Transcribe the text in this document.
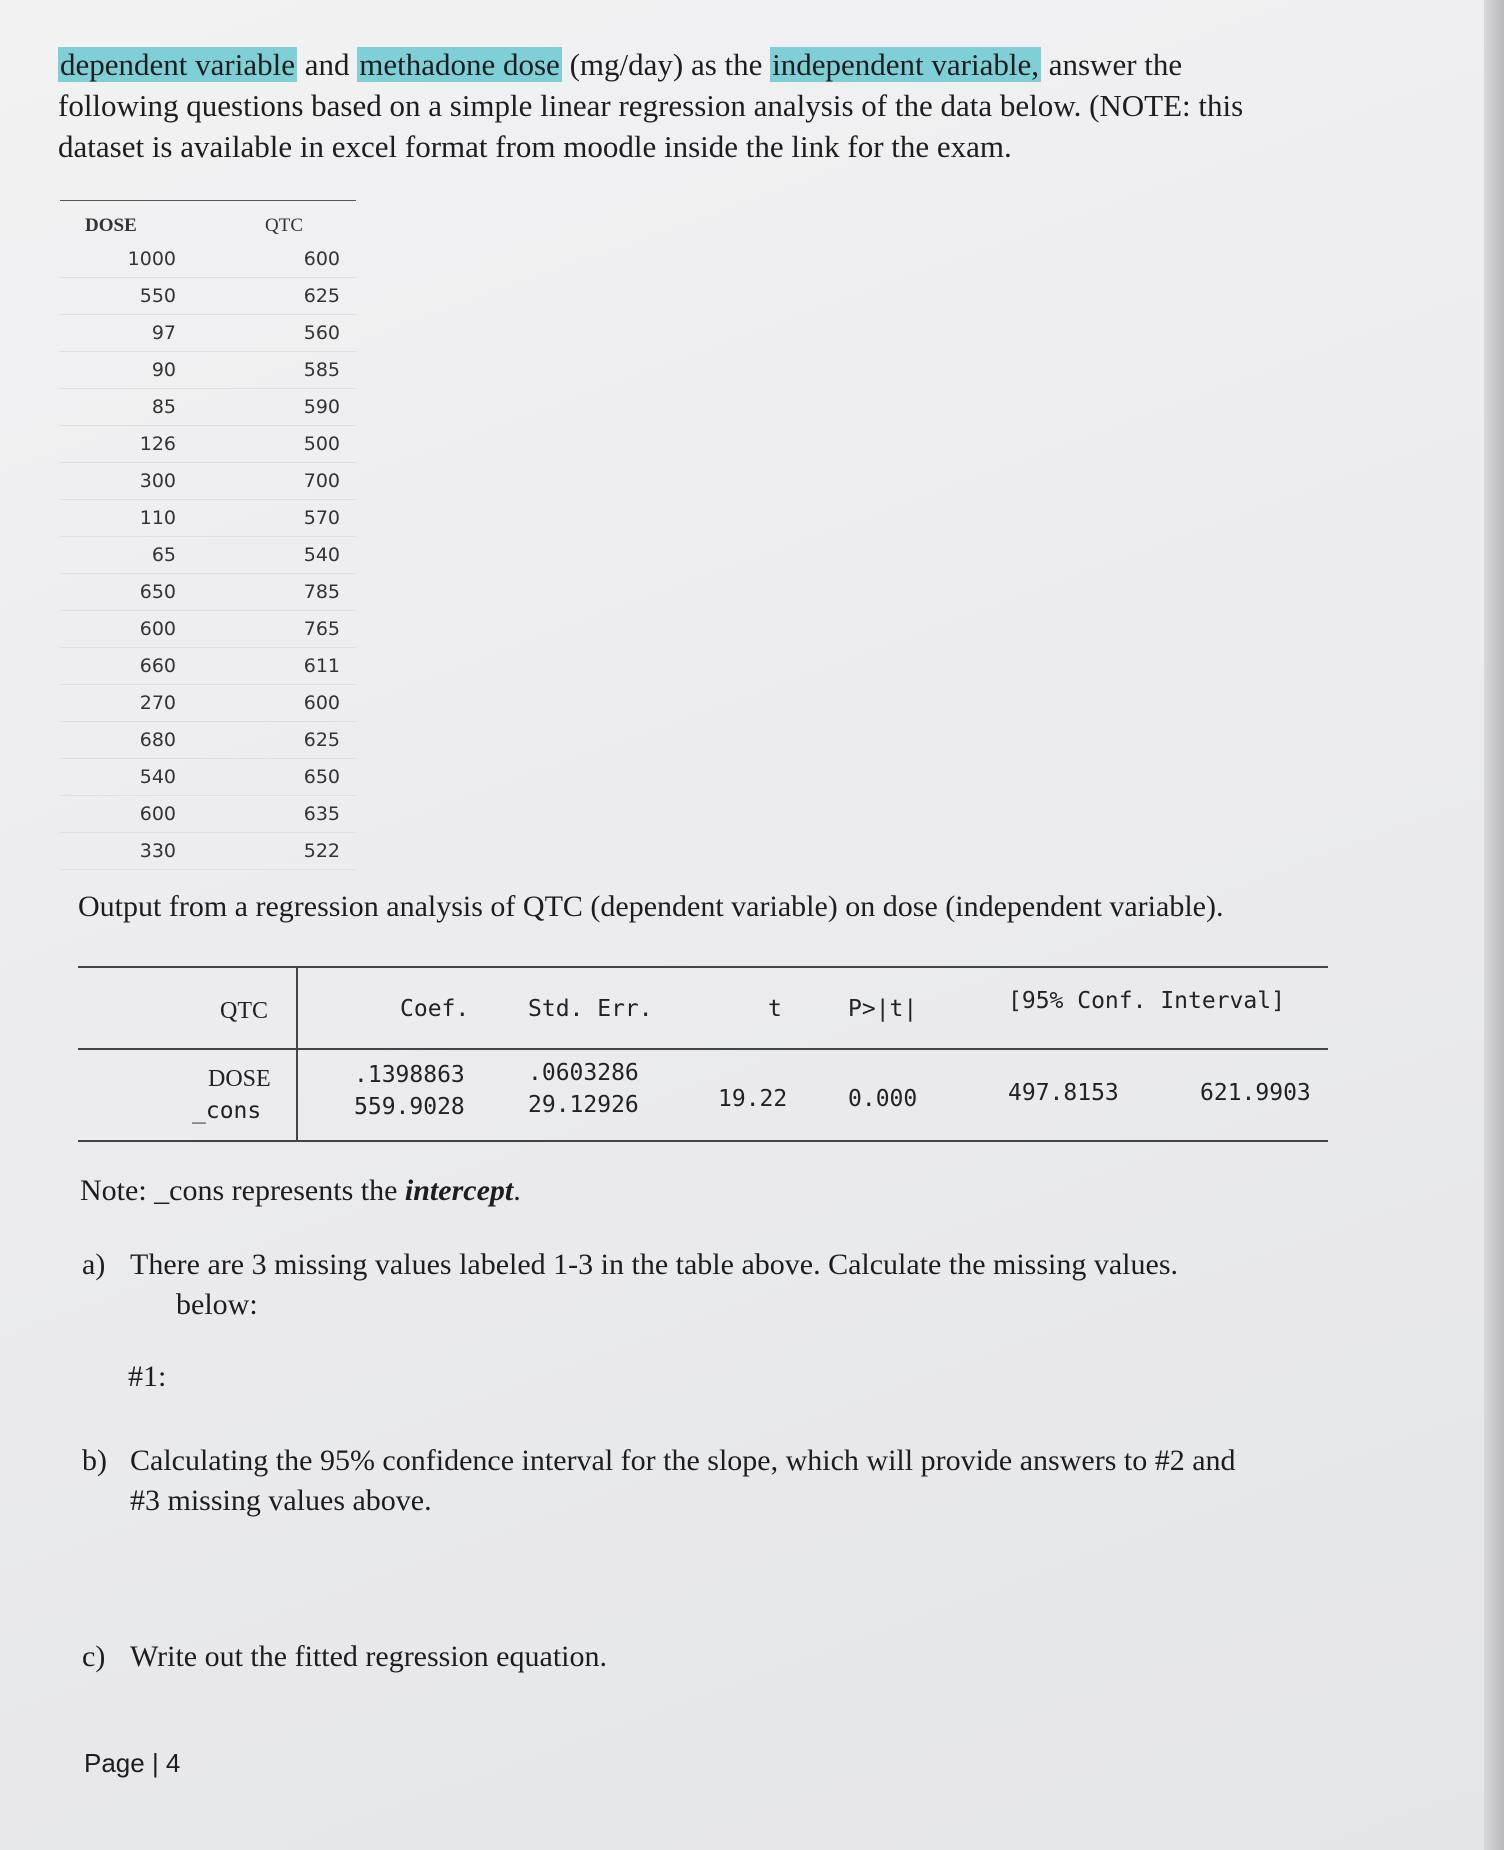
dependent variable and methadone dose (mg/day) as the independent variable, answer the following questions based on a simple linear regression analysis of the data below. (NOTE: this dataset is available in excel format from moodle inside the link for the exam.
DOSE	QTC
1000	600
550	625
97	560
90	585
85	590
126	500
300	700
110	570
65	540
650	785
600	765
660	611
270	600
680	625
540	650
600	635
330	522
Output from a regression analysis of QTC (dependent variable) on dose (independent variable).
QTC	Coef.	Std. Err.	t	P>|t|	[95% Conf. Interval]
DOSE	.1398863	.0603286
_cons	559.9028	29.12926	19.22	0.000	497.8153	621.9903
Note: _cons represents the intercept.
a) There are 3 missing values labeled 1-3 in the table above. Calculate the missing values.
below:
#1:
b) Calculating the 95% confidence interval for the slope, which will provide answers to #2 and
#3 missing values above.
c) Write out the fitted regression equation.
Page | 4
